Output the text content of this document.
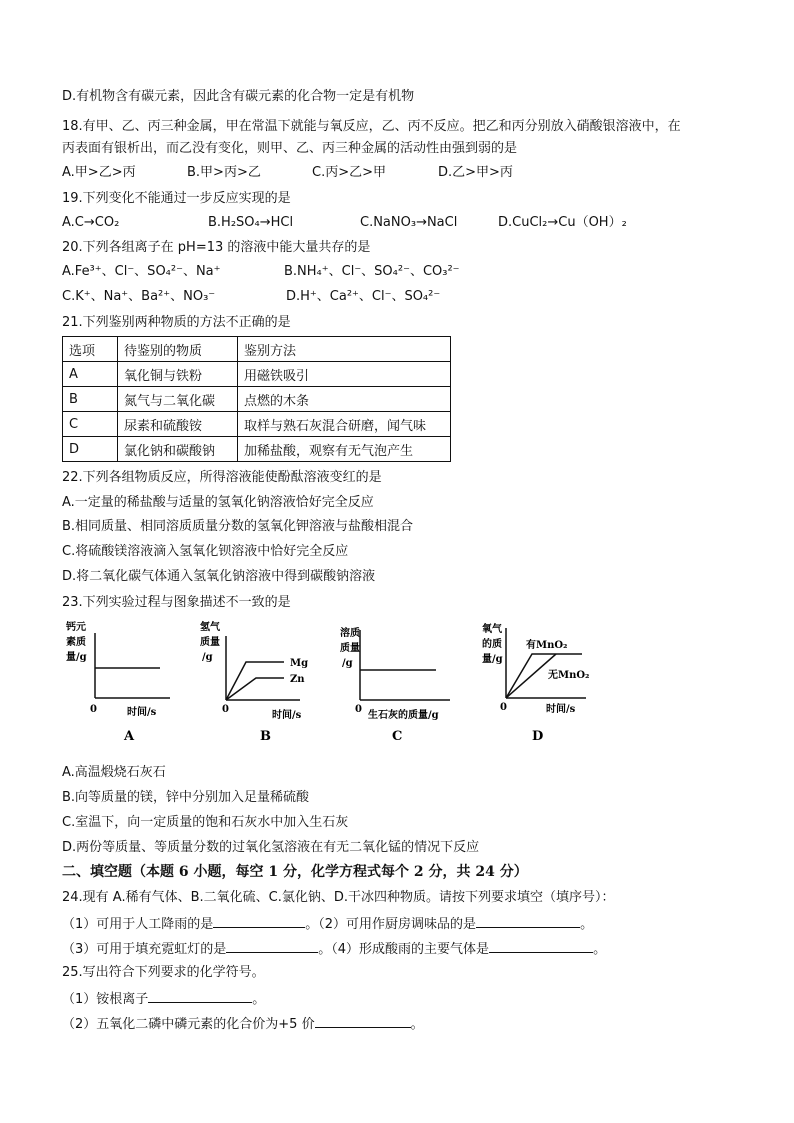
D.有机物含有碳元素，因此含有碳元素的化合物一定是有机物
18.有甲、乙、丙三种金属，甲在常温下就能与氧反应，乙、丙不反应。把乙和丙分别放入硝酸银溶液中，在
丙表面有银析出，而乙没有变化，则甲、乙、丙三种金属的活动性由强到弱的是
A.甲>乙>丙	B.甲>丙>乙	C.丙>乙>甲	D.乙>甲>丙
19.下列变化不能通过一步反应实现的是
A.C→CO₂	B.H₂SO₄→HCl	C.NaNO₃→NaCl	D.CuCl₂→Cu（OH）₂
20.下列各组离子在 pH=13 的溶液中能大量共存的是
A.Fe³⁺、Cl⁻、SO₄²⁻、Na⁺	B.NH₄⁺、Cl⁻、SO₄²⁻、CO₃²⁻
C.K⁺、Na⁺、Ba²⁺、NO₃⁻	D.H⁺、Ca²⁺、Cl⁻、SO₄²⁻
21.下列鉴别两种物质的方法不正确的是
选项	待鉴别的物质	鉴别方法
A	氧化铜与铁粉	用磁铁吸引
B	氮气与二氧化碳	点燃的木条
C	尿素和硫酸铵	取样与熟石灰混合研磨，闻气味
D	氯化钠和碳酸钠	加稀盐酸，观察有无气泡产生
22.下列各组物质反应，所得溶液能使酚酞溶液变红的是
A.一定量的稀盐酸与适量的氢氧化钠溶液恰好完全反应
B.相同质量、相同溶质质量分数的氢氧化钾溶液与盐酸相混合
C.将硫酸镁溶液滴入氢氧化钡溶液中恰好完全反应
D.将二氧化碳气体通入氢氧化钠溶液中得到碳酸钠溶液
23.下列实验过程与图象描述不一致的是
钙元
素质
量/g
0	时间/s
A
氢气
质量
/g
Mg
Zn
0
时间/s
B
溶质
质量
/g
0
生石灰的质量/g
C
氧气
的质
量/g
有MnO₂
无MnO₂
0	时间/s
D
A.高温煅烧石灰石
B.向等质量的镁，锌中分别加入足量稀硫酸
C.室温下，向一定质量的饱和石灰水中加入生石灰
D.两份等质量、等质量分数的过氧化氢溶液在有无二氧化锰的情况下反应
二、填空题（本题 6 小题，每空 1 分，化学方程式每个 2 分，共 24 分）
24.现有 A.稀有气体、B.二氧化硫、C.氯化钠、D.干冰四种物质。请按下列要求填空（填序号）：
（1）可用于人工降雨的是	。（2）可用作厨房调味品的是	。
（3）可用于填充霓虹灯的是	。（4）形成酸雨的主要气体是	。
25.写出符合下列要求的化学符号。
（1）铵根离子	。
（2）五氧化二磷中磷元素的化合价为+5 价	。
